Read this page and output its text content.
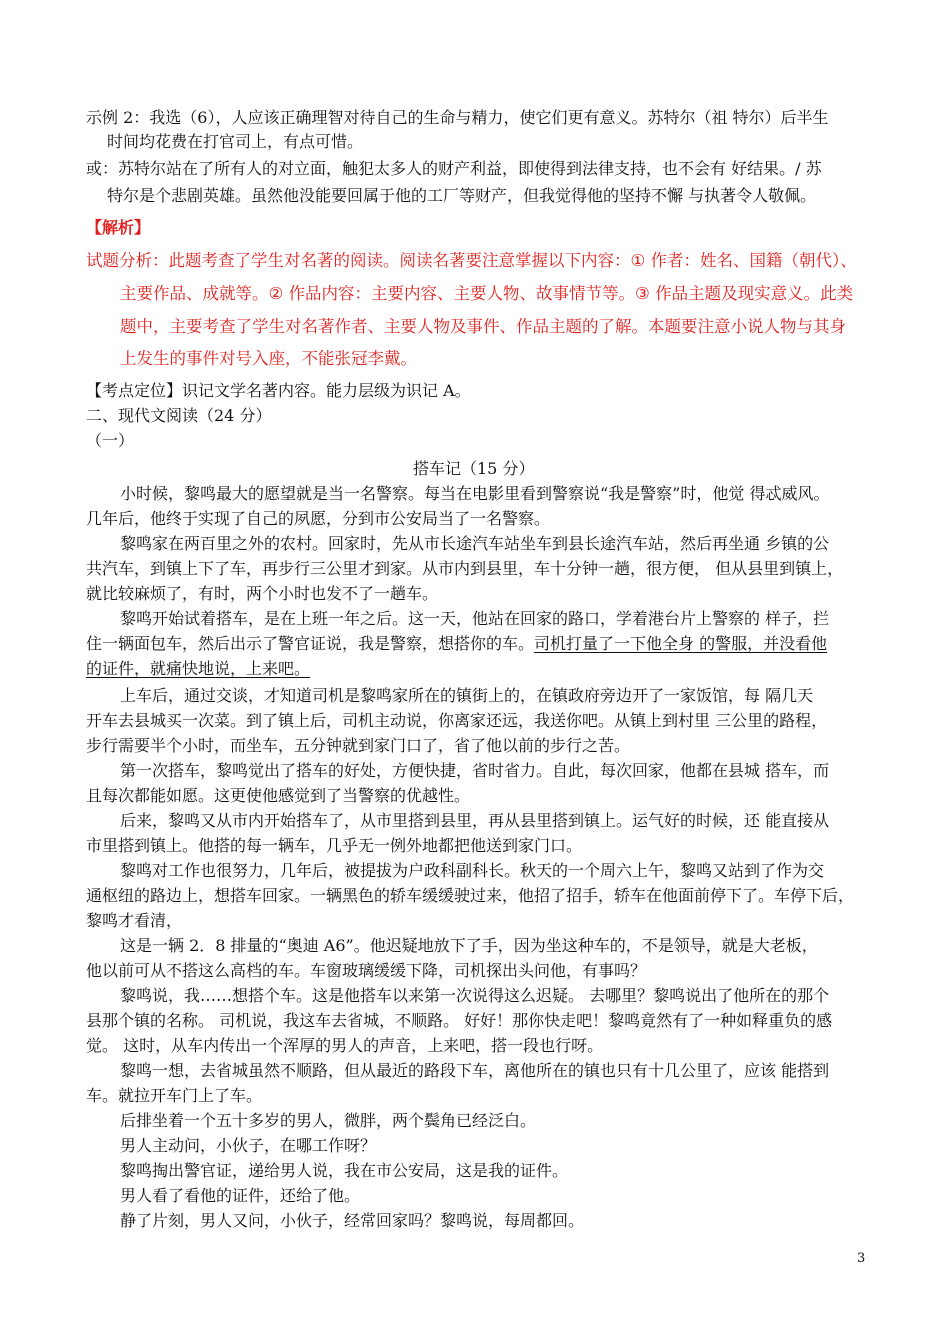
示例 2：我选（6），人应该正确理智对待自己的生命与精力，使它们更有意义。苏特尔（祖 特尔）后半生
时间均花费在打官司上，有点可惜。
或：苏特尔站在了所有人的对立面，触犯太多人的财产利益，即使得到法律支持，也不会有 好结果。/ 苏
特尔是个悲剧英雄。虽然他没能要回属于他的工厂等财产，但我觉得他的坚持不懈 与执著令人敬佩。
【解析】
试题分析：此题考查了学生对名著的阅读。阅读名著要注意掌握以下内容：① 作者：姓名、国籍（朝代）、
主要作品、成就等。② 作品内容：主要内容、主要人物、故事情节等。③ 作品主题及现实意义。此类
题中，主要考查了学生对名著作者、主要人物及事件、作品主题的了解。本题要注意小说人物与其身
上发生的事件对号入座，不能张冠李戴。
【考点定位】识记文学名著内容。能力层级为识记 A。
二、现代文阅读（24 分）
（一）
搭车记（15 分）
小时候，黎鸣最大的愿望就是当一名警察。每当在电影里看到警察说“我是警察”时，他觉 得忒威风。
几年后，他终于实现了自己的夙愿，分到市公安局当了一名警察。
黎鸣家在两百里之外的农村。回家时，先从市长途汽车站坐车到县长途汽车站，然后再坐通 乡镇的公
共汽车，到镇上下了车，再步行三公里才到家。从市内到县里，车十分钟一趟，很方便， 但从县里到镇上，
就比较麻烦了，有时，两个小时也发不了一趟车。
黎鸣开始试着搭车，是在上班一年之后。这一天，他站在回家的路口，学着港台片上警察的 样子，拦
住一辆面包车，然后出示了警官证说，我是警察，想搭你的车。司机打量了一下他全身 的警服，并没看他
的证件，就痛快地说，上来吧。
上车后，通过交谈，才知道司机是黎鸣家所在的镇街上的，在镇政府旁边开了一家饭馆，每 隔几天
开车去县城买一次菜。到了镇上后，司机主动说，你离家还远，我送你吧。从镇上到村里 三公里的路程，
步行需要半个小时，而坐车，五分钟就到家门口了，省了他以前的步行之苦。
第一次搭车，黎鸣觉出了搭车的好处，方便快捷，省时省力。自此，每次回家，他都在县城 搭车，而
且每次都能如愿。这更使他感觉到了当警察的优越性。
后来，黎鸣又从市内开始搭车了，从市里搭到县里，再从县里搭到镇上。运气好的时候，还 能直接从
市里搭到镇上。他搭的每一辆车，几乎无一例外地都把他送到家门口。
黎鸣对工作也很努力，几年后，被提拔为户政科副科长。秋天的一个周六上午，黎鸣又站到了作为交
通枢纽的路边上，想搭车回家。一辆黑色的轿车缓缓驶过来，他招了招手，轿车在他面前停下了。车停下后，
黎鸣才看清，
这是一辆 2．8 排量的“奥迪 A6”。他迟疑地放下了手，因为坐这种车的，不是领导，就是大老板，
他以前可从不搭这么高档的车。车窗玻璃缓缓下降，司机探出头问他，有事吗？
黎鸣说，我……想搭个车。这是他搭车以来第一次说得这么迟疑。 去哪里？黎鸣说出了他所在的那个
县那个镇的名称。 司机说，我这车去省城，不顺路。 好好！那你快走吧！黎鸣竟然有了一种如释重负的感
觉。 这时，从车内传出一个浑厚的男人的声音，上来吧，搭一段也行呀。
黎鸣一想，去省城虽然不顺路，但从最近的路段下车，离他所在的镇也只有十几公里了，应该 能搭到
车。就拉开车门上了车。
后排坐着一个五十多岁的男人，微胖，两个鬓角已经泛白。
男人主动问，小伙子，在哪工作呀？
黎鸣掏出警官证，递给男人说，我在市公安局，这是我的证件。
男人看了看他的证件，还给了他。
静了片刻，男人又问，小伙子，经常回家吗？黎鸣说，每周都回。
3
